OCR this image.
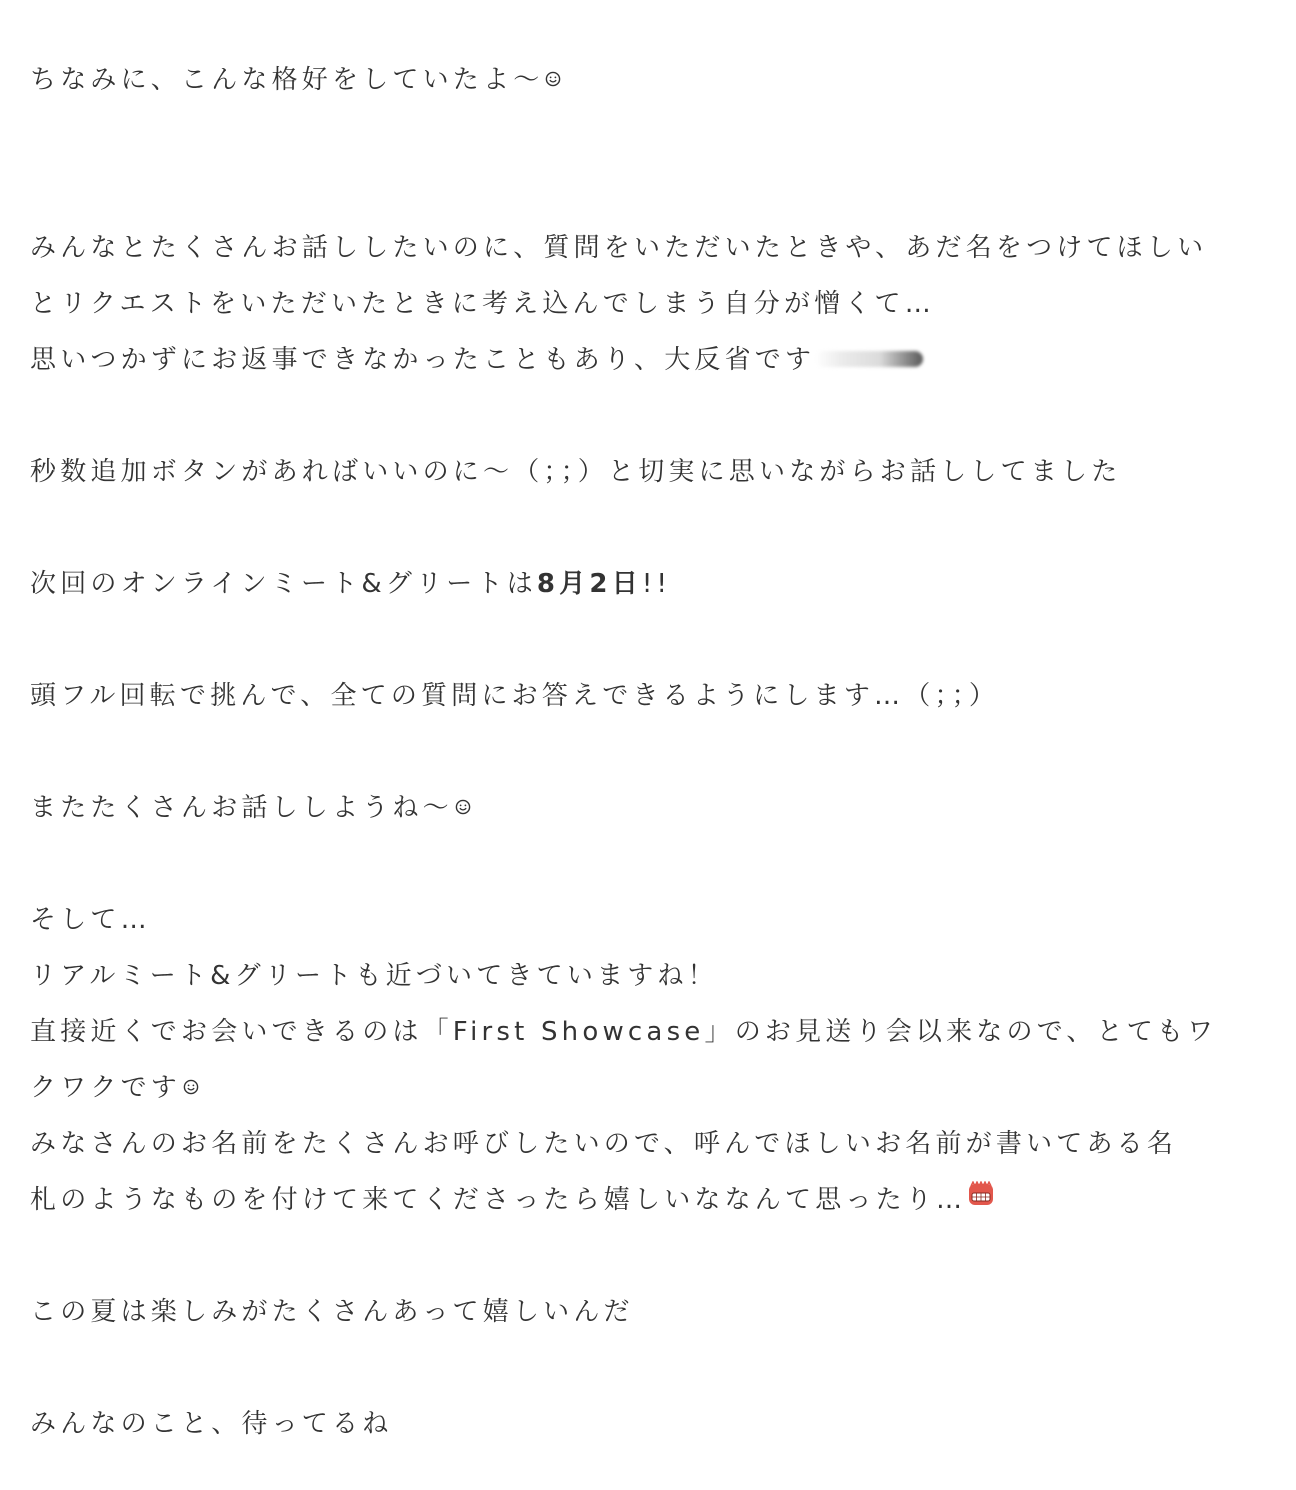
ちなみに、こんな格好をしていたよ〜
みんなとたくさんお話ししたいのに、質問をいただいたときや、あだ名をつけてほしい
とリクエストをいただいたときに考え込んでしまう自分が憎くて…
思いつかずにお返事できなかったこともあり、大反省です
秒数追加ボタンがあればいいのに〜（；；）と切実に思いながらお話ししてました
次回のオンラインミート&グリートは8月2日!!
頭フル回転で挑んで、全ての質問にお答えできるようにします…（；；）
またたくさんお話ししようね〜
そして…
リアルミート&グリートも近づいてきていますね！
直接近くでお会いできるのは「First Showcase」のお見送り会以来なので、とてもワ
クワクです
みなさんのお名前をたくさんお呼びしたいので、呼んでほしいお名前が書いてある名
札のようなものを付けて来てくださったら嬉しいななんて思ったり…
この夏は楽しみがたくさんあって嬉しいんだ
みんなのこと、待ってるね
